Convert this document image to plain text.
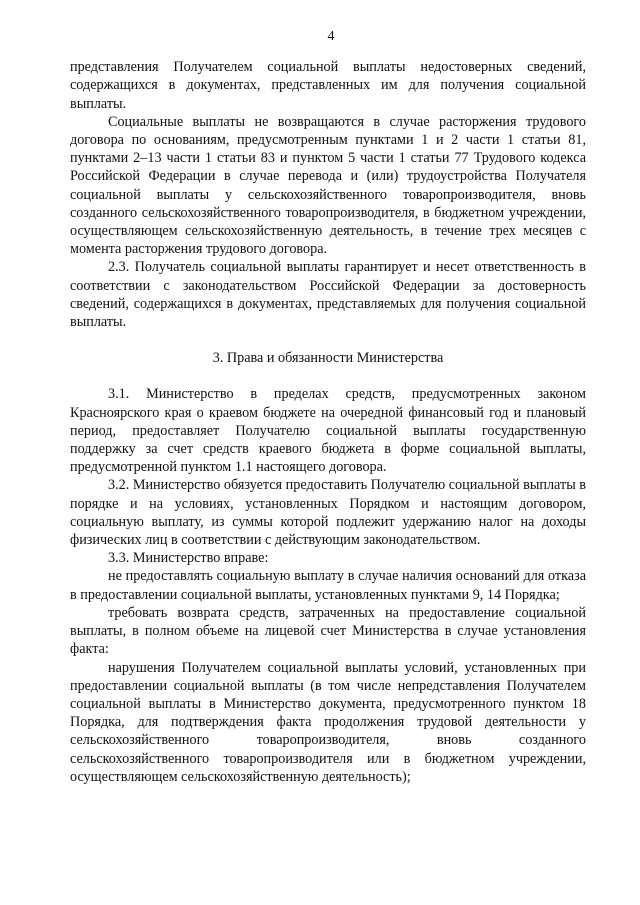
4

представления Получателем социальной выплаты недостоверных сведений, содержащихся в документах, представленных им для получения социальной выплаты.

Социальные выплаты не возвращаются в случае расторжения трудового договора по основаниям, предусмотренным пунктами 1 и 2 части 1 статьи 81, пунктами 2–13 части 1 статьи 83 и пунктом 5 части 1 статьи 77 Трудового кодекса Российской Федерации в случае перевода и (или) трудоустройства Получателя социальной выплаты у сельскохозяйственного товаропроизводителя, вновь созданного сельскохозяйственного товаропроизводителя, в бюджетном учреждении, осуществляющем сельскохозяйственную деятельность, в течение трех месяцев с момента расторжения трудового договора.

2.3. Получатель социальной выплаты гарантирует и несет ответственность в соответствии с законодательством Российской Федерации за достоверность сведений, содержащихся в документах, представляемых для получения социальной выплаты.

3. Права и обязанности Министерства

3.1. Министерство в пределах средств, предусмотренных законом Красноярского края о краевом бюджете на очередной финансовый год и плановый период, предоставляет Получателю социальной выплаты государственную поддержку за счет средств краевого бюджета в форме социальной выплаты, предусмотренной пунктом 1.1 настоящего договора.

3.2. Министерство обязуется предоставить Получателю социальной выплаты в порядке и на условиях, установленных Порядком и настоящим договором, социальную выплату, из суммы которой подлежит удержанию налог на доходы физических лиц в соответствии с действующим законодательством.

3.3. Министерство вправе:

не предоставлять социальную выплату в случае наличия оснований для отказа в предоставлении социальной выплаты, установленных пунктами 9, 14 Порядка;

требовать возврата средств, затраченных на предоставление социальной выплаты, в полном объеме на лицевой счет Министерства в случае установления факта:

нарушения Получателем социальной выплаты условий, установленных при предоставлении социальной выплаты (в том числе непредставления Получателем социальной выплаты в Министерство документа, предусмотренного пунктом 18 Порядка, для подтверждения факта продолжения трудовой деятельности у сельскохозяйственного товаропроизводителя, вновь созданного сельскохозяйственного товаропроизводителя или в бюджетном учреждении, осуществляющем сельскохозяйственную деятельность);
